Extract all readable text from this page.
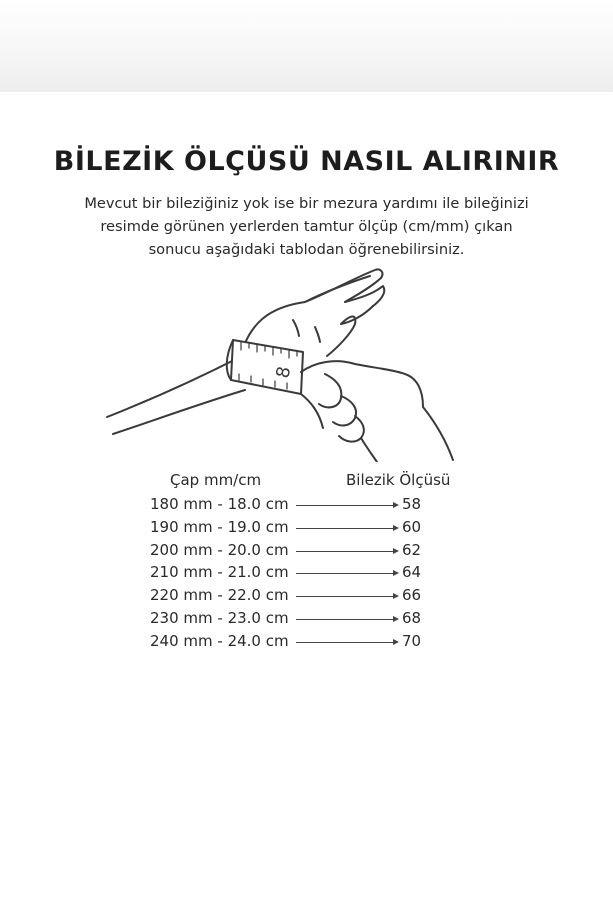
BİLEZİK ÖLÇÜSÜ NASIL ALIRINIR
Mevcut bir bileziğiniz yok ise bir mezura yardımı ile bileğinizi
resimde görünen yerlerden tamtur ölçüp (cm/mm) çıkan
sonucu aşağıdaki tablodan öğrenebilirsiniz.
8
Çap mm/cm	Bilezik Ölçüsü
180 mm - 18.0 cm	58
190 mm - 19.0 cm	60
200 mm - 20.0 cm	62
210 mm - 21.0 cm	64
220 mm - 22.0 cm	66
230 mm - 23.0 cm	68
240 mm - 24.0 cm	70
